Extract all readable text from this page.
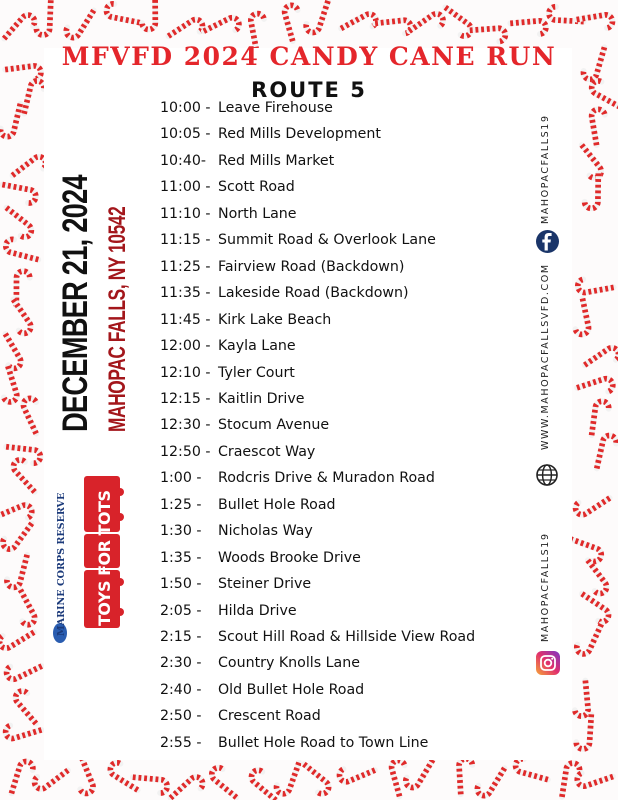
MFVFD 2024 CANDY CANE RUN
ROUTE 5
DECEMBER 21, 2024 MAHOPAC FALLS, NY 10542
TOYS FOR TOTS
MARINE CORPS RESERVE
10:00 - Leave Firehouse
10:05 - Red Mills Development
10:40- Red Mills Market
11:00 - Scott Road
11:10 - North Lane
11:15 - Summit Road & Overlook Lane
11:25 - Fairview Road (Backdown)
11:35 - Lakeside Road (Backdown)
11:45 - Kirk Lake Beach
12:00 - Kayla Lane
12:10 - Tyler Court
12:15 - Kaitlin Drive
12:30 - Stocum Avenue
12:50 - Craescot Way
1:00 - Rodcris Drive & Muradon Road
1:25 - Bullet Hole Road
1:30 - Nicholas Way
1:35 - Woods Brooke Drive
1:50 - Steiner Drive
2:05 - Hilda Drive
2:15 - Scout Hill Road & Hillside View Road
2:30 - Country Knolls Lane
2:40 - Old Bullet Hole Road
2:50 - Crescent Road
2:55 - Bullet Hole Road to Town Line
MAHOPACFALLS19
WWW.MAHOPACFALLSVFD.COM
MAHOPACFALLS19
